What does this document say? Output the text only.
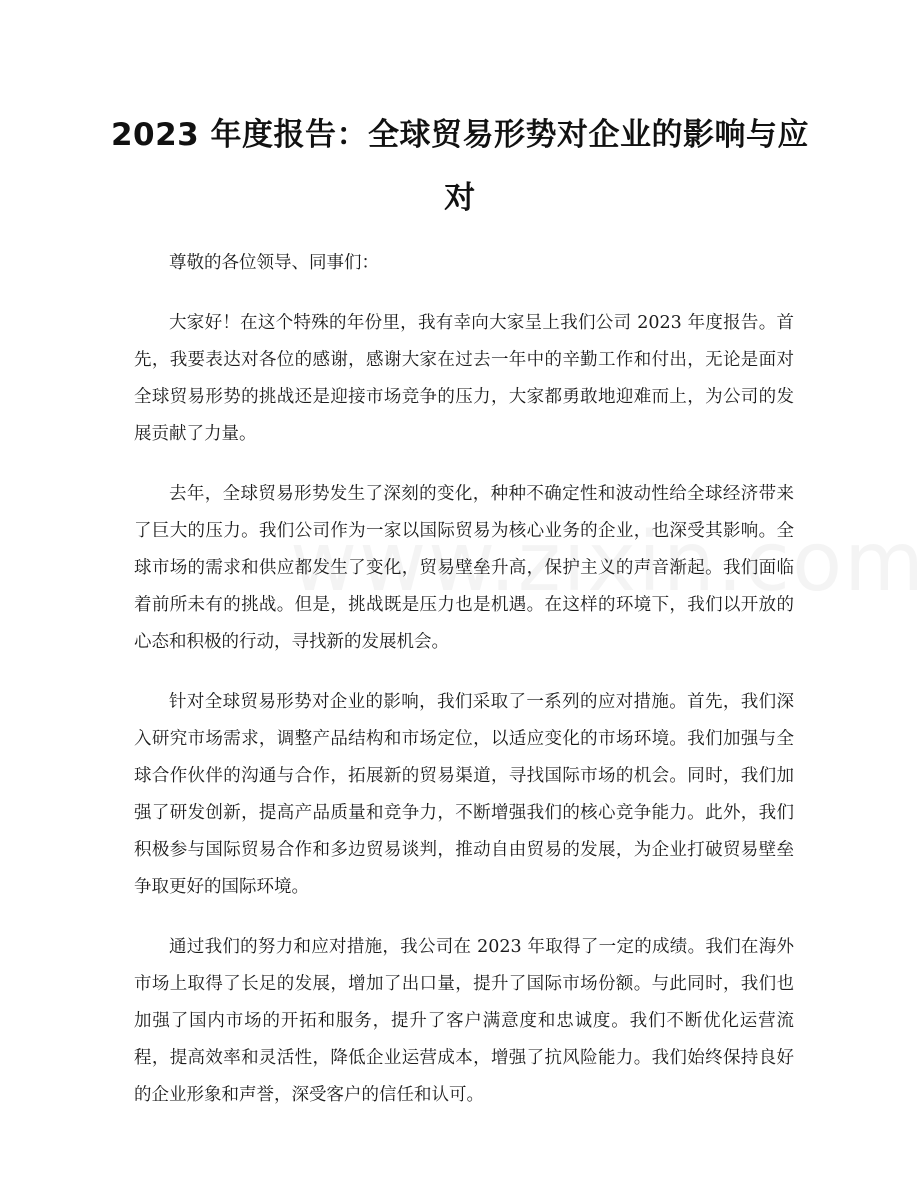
2023 年度报告：全球贸易形势对企业的影响与应对

尊敬的各位领导、同事们：

大家好！在这个特殊的年份里，我有幸向大家呈上我们公司 2023 年度报告。首先，我要表达对各位的感谢，感谢大家在过去一年中的辛勤工作和付出，无论是面对全球贸易形势的挑战还是迎接市场竞争的压力，大家都勇敢地迎难而上，为公司的发展贡献了力量。

去年，全球贸易形势发生了深刻的变化，种种不确定性和波动性给全球经济带来了巨大的压力。我们公司作为一家以国际贸易为核心业务的企业，也深受其影响。全球市场的需求和供应都发生了变化，贸易壁垒升高，保护主义的声音渐起。我们面临着前所未有的挑战。但是，挑战既是压力也是机遇。在这样的环境下，我们以开放的心态和积极的行动，寻找新的发展机会。

针对全球贸易形势对企业的影响，我们采取了一系列的应对措施。首先，我们深入研究市场需求，调整产品结构和市场定位，以适应变化的市场环境。我们加强与全球合作伙伴的沟通与合作，拓展新的贸易渠道，寻找国际市场的机会。同时，我们加强了研发创新，提高产品质量和竞争力，不断增强我们的核心竞争能力。此外，我们积极参与国际贸易合作和多边贸易谈判，推动自由贸易的发展，为企业打破贸易壁垒争取更好的国际环境。

通过我们的努力和应对措施，我公司在 2023 年取得了一定的成绩。我们在海外市场上取得了长足的发展，增加了出口量，提升了国际市场份额。与此同时，我们也加强了国内市场的开拓和服务，提升了客户满意度和忠诚度。我们不断优化运营流程，提高效率和灵活性，降低企业运营成本，增强了抗风险能力。我们始终保持良好的企业形象和声誉，深受客户的信任和认可。
